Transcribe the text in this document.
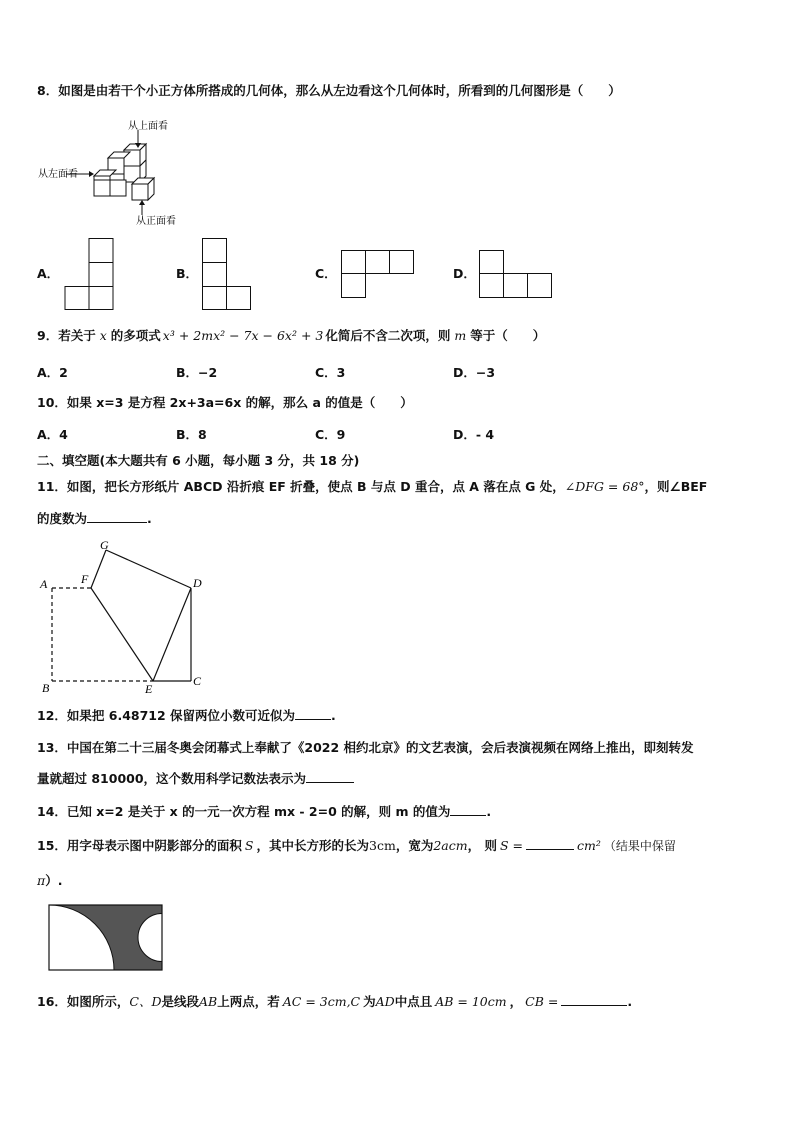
8．如图是由若干个小正方体所搭成的几何体，那么从左边看这个几何体时，所看到的几何图形是（　　）
从上面看
从左面看
从正面看
A．	B．	C．	D．
9．若关于 x 的多项式 x³ + 2mx² − 7x − 6x² + 3 化简后不含二次项，则 m 等于（　　）
A．2	B．−2	C．3	D．−3
10．如果 x=3 是方程 2x+3a=6x 的解，那么 a 的值是（　　）
A．4	B．8	C．9	D．- 4
二、填空题(本大题共有 6 小题，每小题 3 分，共 18 分)
11．如图，把长方形纸片 ABCD 沿折痕 EF 折叠，使点 B 与点 D 重合，点 A 落在点 G 处，∠DFG = 68°，则∠BEF
的度数为	.
G
F
A	D
B	E
C
12．如果把 6.48712 保留两位小数可近似为	.
13．中国在第二十三届冬奥会闭幕式上奉献了《2022 相约北京》的文艺表演，会后表演视频在网络上推出，即刻转发
量就超过 810000，这个数用科学记数法表示为
14．已知 x=2 是关于 x 的一元一次方程 mx - 2=0 的解，则 m 的值为	.
15．用字母表示图中阴影部分的面积 S ，其中长方形的长为3cm，宽为2acm， 则 S =	cm² （结果中保留
π）.
16．如图所示，C、D是线段AB上两点，若 AC = 3cm,C 为AD中点且 AB = 10cm ， CB =	.
